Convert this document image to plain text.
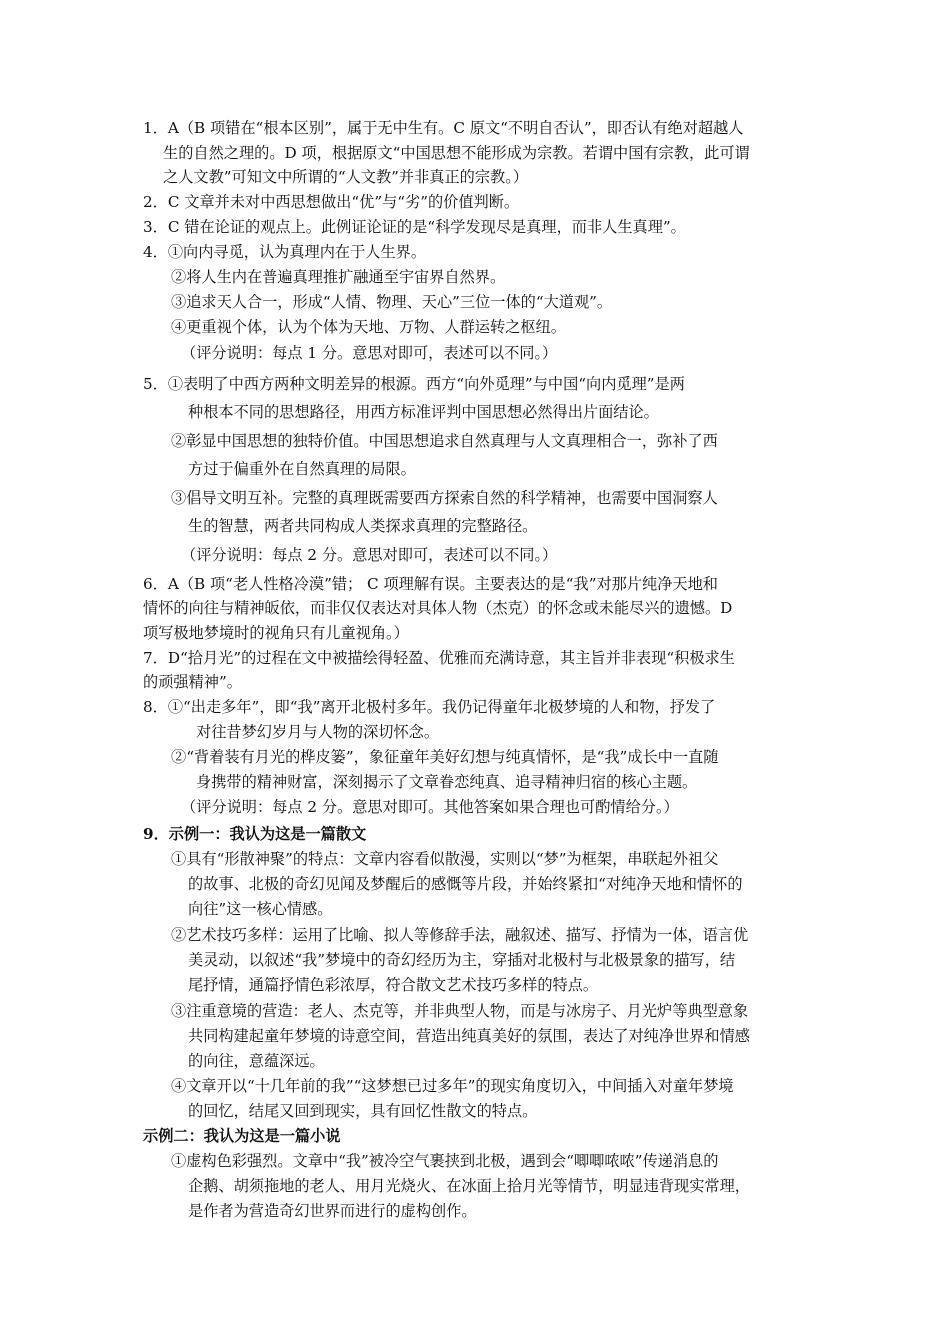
1．A（B 项错在“根本区别”，属于无中生有。C 原文“不明自否认”，即否认有绝对超越人
生的自然之理的。D 项，根据原文“中国思想不能形成为宗教。若谓中国有宗教，此可谓
之人文教”可知文中所谓的“人文教”并非真正的宗教。）
2．C 文章并未对中西思想做出“优”与“劣”的价值判断。
3．C 错在论证的观点上。此例证论证的是“科学发现尽是真理，而非人生真理”。
4．①向内寻觅，认为真理内在于人生界。
②将人生内在普遍真理推扩融通至宇宙界自然界。
③追求天人合一，形成“人情、物理、天心”三位一体的“大道观”。
④更重视个体，认为个体为天地、万物、人群运转之枢纽。
（评分说明：每点 1 分。意思对即可，表述可以不同。）
5．①表明了中西方两种文明差异的根源。西方“向外觅理”与中国“向内觅理”是两
种根本不同的思想路径，用西方标准评判中国思想必然得出片面结论。
②彰显中国思想的独特价值。中国思想追求自然真理与人文真理相合一，弥补了西
方过于偏重外在自然真理的局限。
③倡导文明互补。完整的真理既需要西方探索自然的科学精神，也需要中国洞察人
生的智慧，两者共同构成人类探求真理的完整路径。
（评分说明：每点 2 分。意思对即可，表述可以不同。）
6．A（B 项“老人性格冷漠”错； C 项理解有误。主要表达的是“我”对那片纯净天地和
情怀的向往与精神皈依，而非仅仅表达对具体人物（杰克）的怀念或未能尽兴的遗憾。D
项写极地梦境时的视角只有儿童视角。）
7．D“拾月光”的过程在文中被描绘得轻盈、优雅而充满诗意，其主旨并非表现“积极求生
的顽强精神”。
8．①“出走多年”，即“我”离开北极村多年。我仍记得童年北极梦境的人和物，抒发了
对往昔梦幻岁月与人物的深切怀念。
②“背着装有月光的桦皮篓”，象征童年美好幻想与纯真情怀，是“我”成长中一直随
身携带的精神财富，深刻揭示了文章眷恋纯真、追寻精神归宿的核心主题。
（评分说明：每点 2 分。意思对即可。其他答案如果合理也可酌情给分。）
9．示例一：我认为这是一篇散文
①具有“形散神聚”的特点：文章内容看似散漫，实则以“梦”为框架，串联起外祖父
的故事、北极的奇幻见闻及梦醒后的感慨等片段，并始终紧扣“对纯净天地和情怀的
向往”这一核心情感。
②艺术技巧多样：运用了比喻、拟人等修辞手法，融叙述、描写、抒情为一体，语言优
美灵动，以叙述“我”梦境中的奇幻经历为主，穿插对北极村与北极景象的描写，结
尾抒情，通篇抒情色彩浓厚，符合散文艺术技巧多样的特点。
③注重意境的营造：老人、杰克等，并非典型人物，而是与冰房子、月光炉等典型意象
共同构建起童年梦境的诗意空间，营造出纯真美好的氛围，表达了对纯净世界和情感
的向往，意蕴深远。
④文章开以“十几年前的我”“这梦想已过多年”的现实角度切入，中间插入对童年梦境
的回忆，结尾又回到现实，具有回忆性散文的特点。
示例二：我认为这是一篇小说
①虚构色彩强烈。文章中“我”被冷空气裹挟到北极，遇到会“唧唧哝哝”传递消息的
企鹅、胡须拖地的老人、用月光烧火、在冰面上拾月光等情节，明显违背现实常理，
是作者为营造奇幻世界而进行的虚构创作。
